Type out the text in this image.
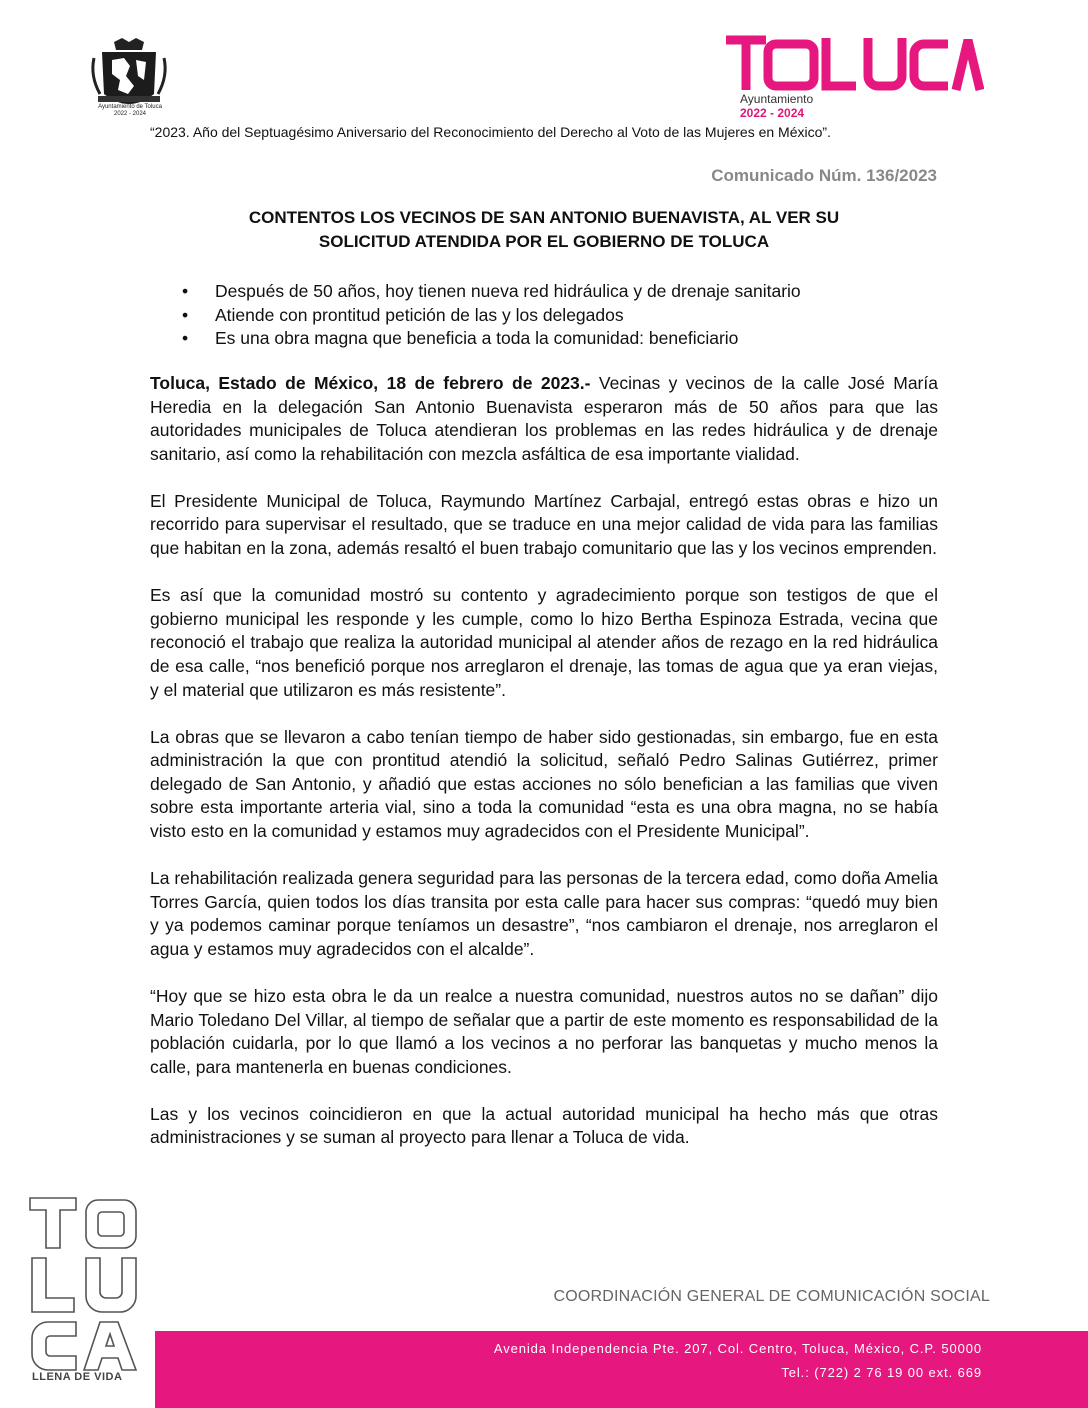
Ayuntamiento de Toluca
2022 - 2024
Ayuntamiento
2022 - 2024
“2023. Año del Septuagésimo Aniversario del Reconocimiento del Derecho al Voto de las Mujeres en México”.
Comunicado Núm. 136/2023
CONTENTOS LOS VECINOS DE SAN ANTONIO BUENAVISTA, AL VER SU
SOLICITUD ATENDIDA POR EL GOBIERNO DE TOLUCA
• Después de 50 años, hoy tienen nueva red hidráulica y de drenaje sanitario
• Atiende con prontitud petición de las y los delegados
• Es una obra magna que beneficia a toda la comunidad: beneficiario

Toluca, Estado de México, 18 de febrero de 2023.- Vecinas y vecinos de la calle José María Heredia en la delegación San Antonio Buenavista esperaron más de 50 años para que las autoridades municipales de Toluca atendieran los problemas en las redes hidráulica y de drenaje sanitario, así como la rehabilitación con mezcla asfáltica de esa importante vialidad.

El Presidente Municipal de Toluca, Raymundo Martínez Carbajal, entregó estas obras e hizo un recorrido para supervisar el resultado, que se traduce en una mejor calidad de vida para las familias que habitan en la zona, además resaltó el buen trabajo comunitario que las y los vecinos emprenden.

Es así que la comunidad mostró su contento y agradecimiento porque son testigos de que el gobierno municipal les responde y les cumple, como lo hizo Bertha Espinoza Estrada, vecina que reconoció el trabajo que realiza la autoridad municipal al atender años de rezago en la red hidráulica de esa calle, “nos benefició porque nos arreglaron el drenaje, las tomas de agua que ya eran viejas, y el material que utilizaron es más resistente”.

La obras que se llevaron a cabo tenían tiempo de haber sido gestionadas, sin embargo, fue en esta administración la que con prontitud atendió la solicitud, señaló Pedro Salinas Gutiérrez, primer delegado de San Antonio, y añadió que estas acciones no sólo benefician a las familias que viven sobre esta importante arteria vial, sino a toda la comunidad “esta es una obra magna, no se había visto esto en la comunidad y estamos muy agradecidos con el Presidente Municipal”.

La rehabilitación realizada genera seguridad para las personas de la tercera edad, como doña Amelia Torres García, quien todos los días transita por esta calle para hacer sus compras: “quedó muy bien y ya podemos caminar porque teníamos un desastre”, “nos cambiaron el drenaje, nos arreglaron el agua y estamos muy agradecidos con el alcalde”.

“Hoy que se hizo esta obra le da un realce a nuestra comunidad, nuestros autos no se dañan” dijo Mario Toledano Del Villar, al tiempo de señalar que a partir de este momento es responsabilidad de la población cuidarla, por lo que llamó a los vecinos a no perforar las banquetas y mucho menos la calle, para mantenerla en buenas condiciones.

Las y los vecinos coincidieron en que la actual autoridad municipal ha hecho más que otras administraciones y se suman al proyecto para llenar a Toluca de vida.

LLENA DE VIDA
COORDINACIÓN GENERAL DE COMUNICACIÓN SOCIAL
Avenida Independencia Pte. 207, Col. Centro, Toluca, México, C.P. 50000
Tel.: (722) 2 76 19 00 ext. 669
